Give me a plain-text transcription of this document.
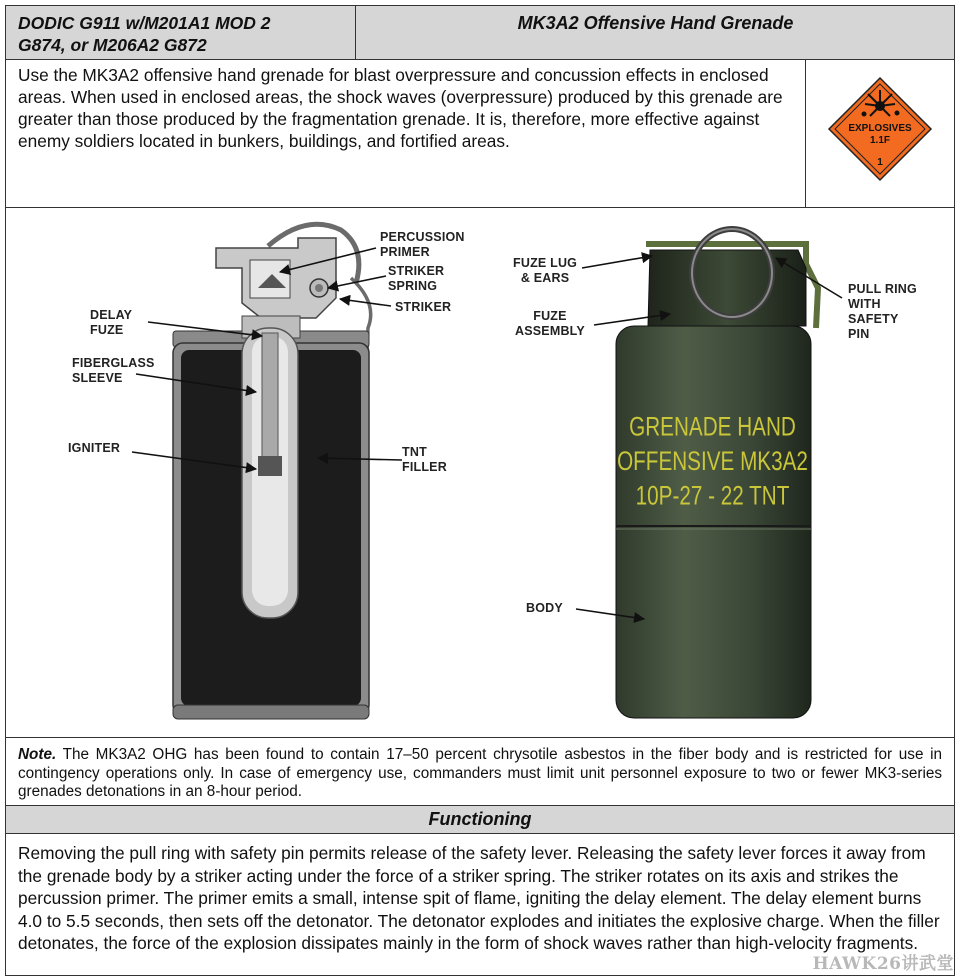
DODIC G911 w/M201A1 MOD 2
G874, or M206A2 G872
MK3A2 Offensive Hand Grenade
Use the MK3A2 offensive hand grenade for blast overpressure and concussion effects in enclosed areas. When used in enclosed areas, the shock waves (overpressure) produced by this grenade are greater than those produced by the fragmentation grenade. It is, therefore, more effective against enemy soldiers located in bunkers, buildings, and fortified areas.
EXPLOSIVES
1.1F
1
GRENADE HAND
OFFENSIVE MK3A2
10P-27 - 22 TNT
PERCUSSION
PRIMER
STRIKER
SPRING
STRIKER
DELAY
FUZE
FIBERGLASS
SLEEVE
IGNITER	TNT
FILLER
FUZE LUG
& EARS
FUZE
ASSEMBLY
PULL RING
WITH
SAFETY
PIN
BODY
Note. The MK3A2 OHG has been found to contain 17–50 percent chrysotile asbestos in the fiber body and is restricted for use in contingency operations only. In case of emergency use, commanders must limit unit personnel exposure to two or fewer MK3-series grenades detonations in an 8-hour period.
Functioning
Removing the pull ring with safety pin permits release of the safety lever. Releasing the safety lever forces it away from the grenade body by a striker acting under the force of a striker spring. The striker rotates on its axis and strikes the percussion primer. The primer emits a small, intense spit of flame, igniting the delay element. The delay element burns 4.0 to 5.5 seconds, then sets off the detonator. The detonator explodes and initiates the explosive charge. When the filler detonates, the force of the explosion dissipates mainly in the form of shock waves rather than high-velocity fragments.
HAWK26讲武堂
